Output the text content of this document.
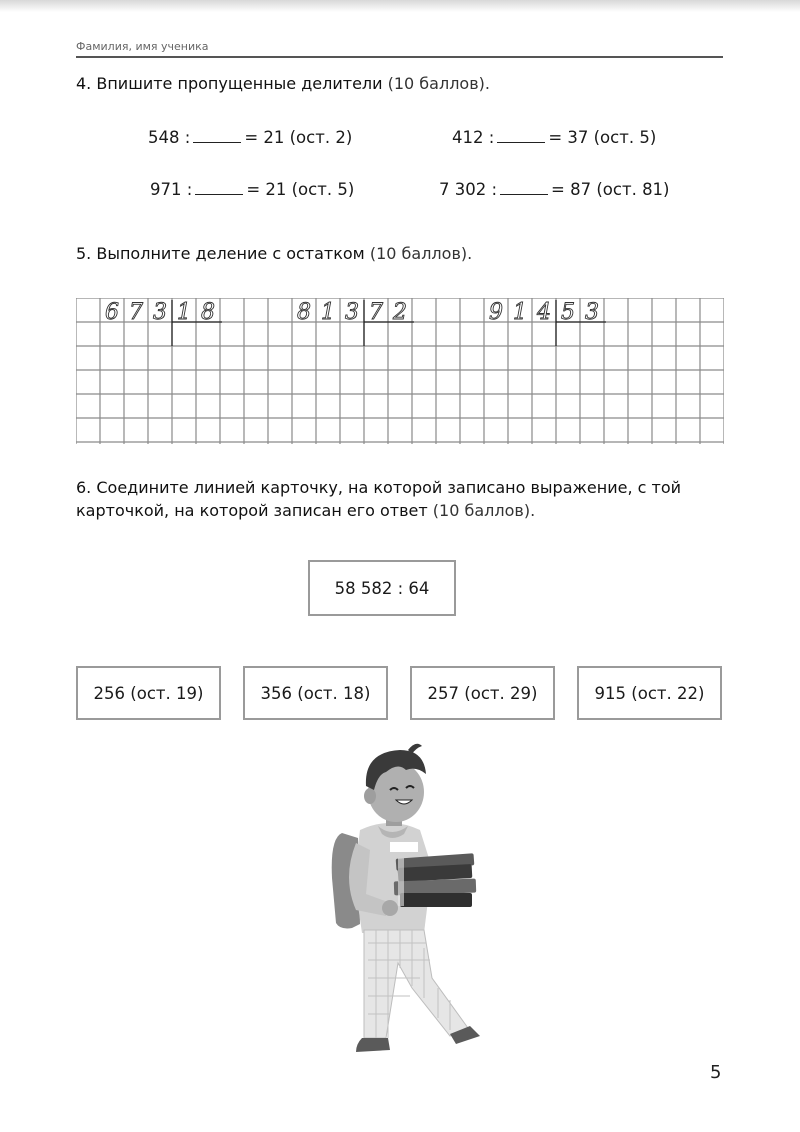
Фамилия, имя ученика
4. Впишите пропущенные делители (10 баллов).
548 :	= 21 (ост. 2)	412 :	= 37 (ост. 5)
971 :	= 21 (ост. 5)	7 302 :	= 87 (ост. 81)
5. Выполните деление с остатком (10 баллов).
6 7 3 1 8	8 1 3 7 2	9 1 4 5 3
6. Соедините линией карточку, на которой записано выражение, с той
карточкой, на которой записан его ответ (10 баллов).
58 582 : 64
256 (ост. 19)	356 (ост. 18)	257 (ост. 29)	915 (ост. 22)
5
